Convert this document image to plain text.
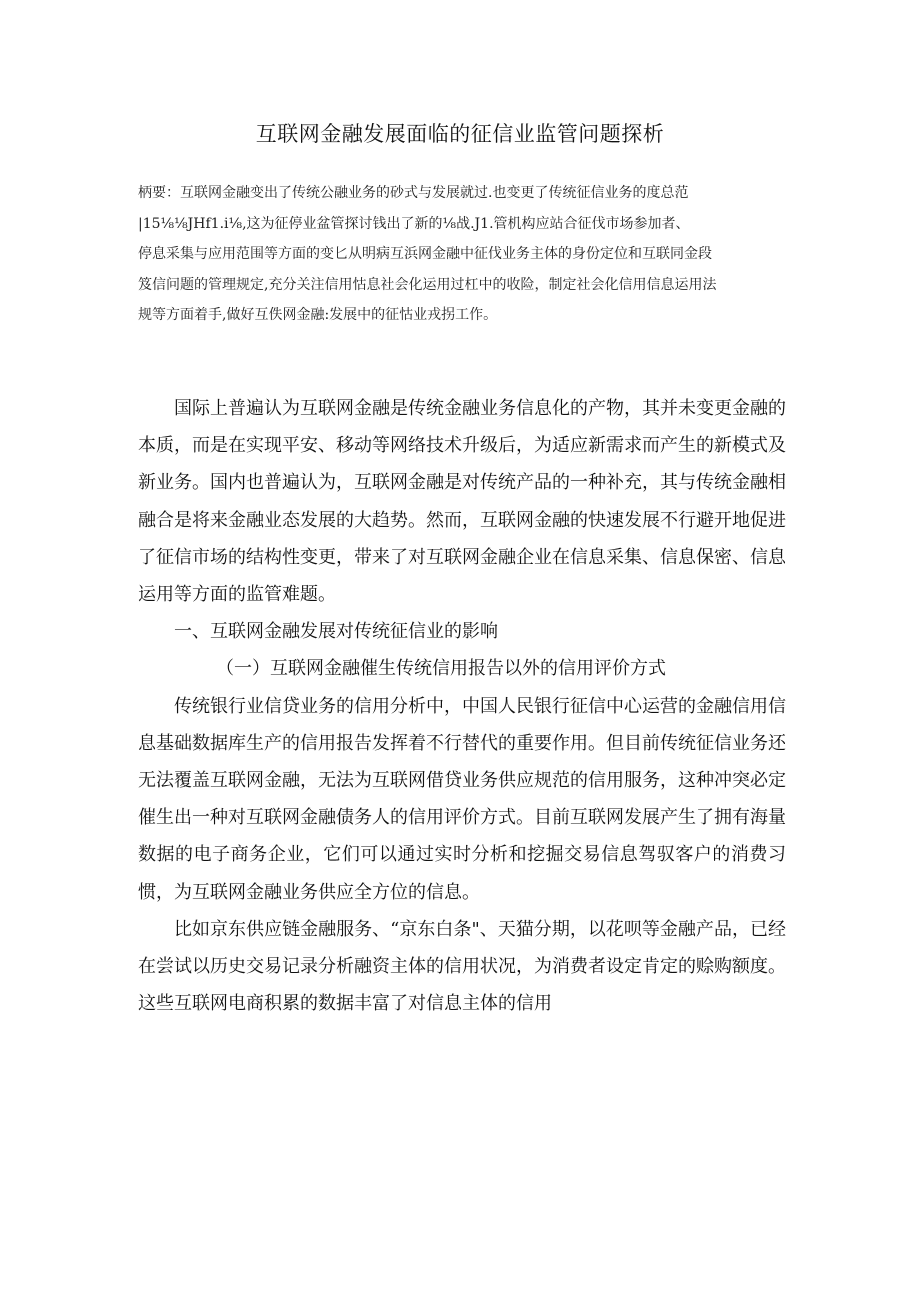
互联网金融发展面临的征信业监管问题探析
柄要：互联网金融变出了传统公融业务的砂式与发展就过.也变更了传统征信业务的度总范
|15⅛⅛JHf1.i⅛,这为征停业盆管探讨钱出了新的⅛战.J1.管机构应站合征伐市场参加者、
停息采集与应用范围等方面的变匕从明病互浜网金融中征伐业务主体的身份定位和互联同金段
笈信问题的管理规定,充分关注信用怙息社会化运用过杠中的收险，制定社会化信用信息运用法
规等方面着手,做好互佚网金融:发展中的征怙业戎拐工作。

国际上普遍认为互联网金融是传统金融业务信息化的产物，其并未变更金融的本质，而是在实现平安、移动等网络技术升级后，为适应新需求而产生的新模式及新业务。国内也普遍认为，互联网金融是对传统产品的一种补充，其与传统金融相融合是将来金融业态发展的大趋势。然而，互联网金融的快速发展不行避开地促进了征信市场的结构性变更，带来了对互联网金融企业在信息采集、信息保密、信息运用等方面的监管难题。

一、互联网金融发展对传统征信业的影响

（一）互联网金融催生传统信用报告以外的信用评价方式

传统银行业信贷业务的信用分析中，中国人民银行征信中心运营的金融信用信息基础数据库生产的信用报告发挥着不行替代的重要作用。但目前传统征信业务还无法覆盖互联网金融，无法为互联网借贷业务供应规范的信用服务，这种冲突必定催生出一种对互联网金融债务人的信用评价方式。目前互联网发展产生了拥有海量数据的电子商务企业，它们可以通过实时分析和挖掘交易信息驾驭客户的消费习惯，为互联网金融业务供应全方位的信息。

比如京东供应链金融服务、“京东白条"、天猫分期，以花呗等金融产品，已经在尝试以历史交易记录分析融资主体的信用状况，为消费者设定肯定的赊购额度。这些互联网电商积累的数据丰富了对信息主体的信用
